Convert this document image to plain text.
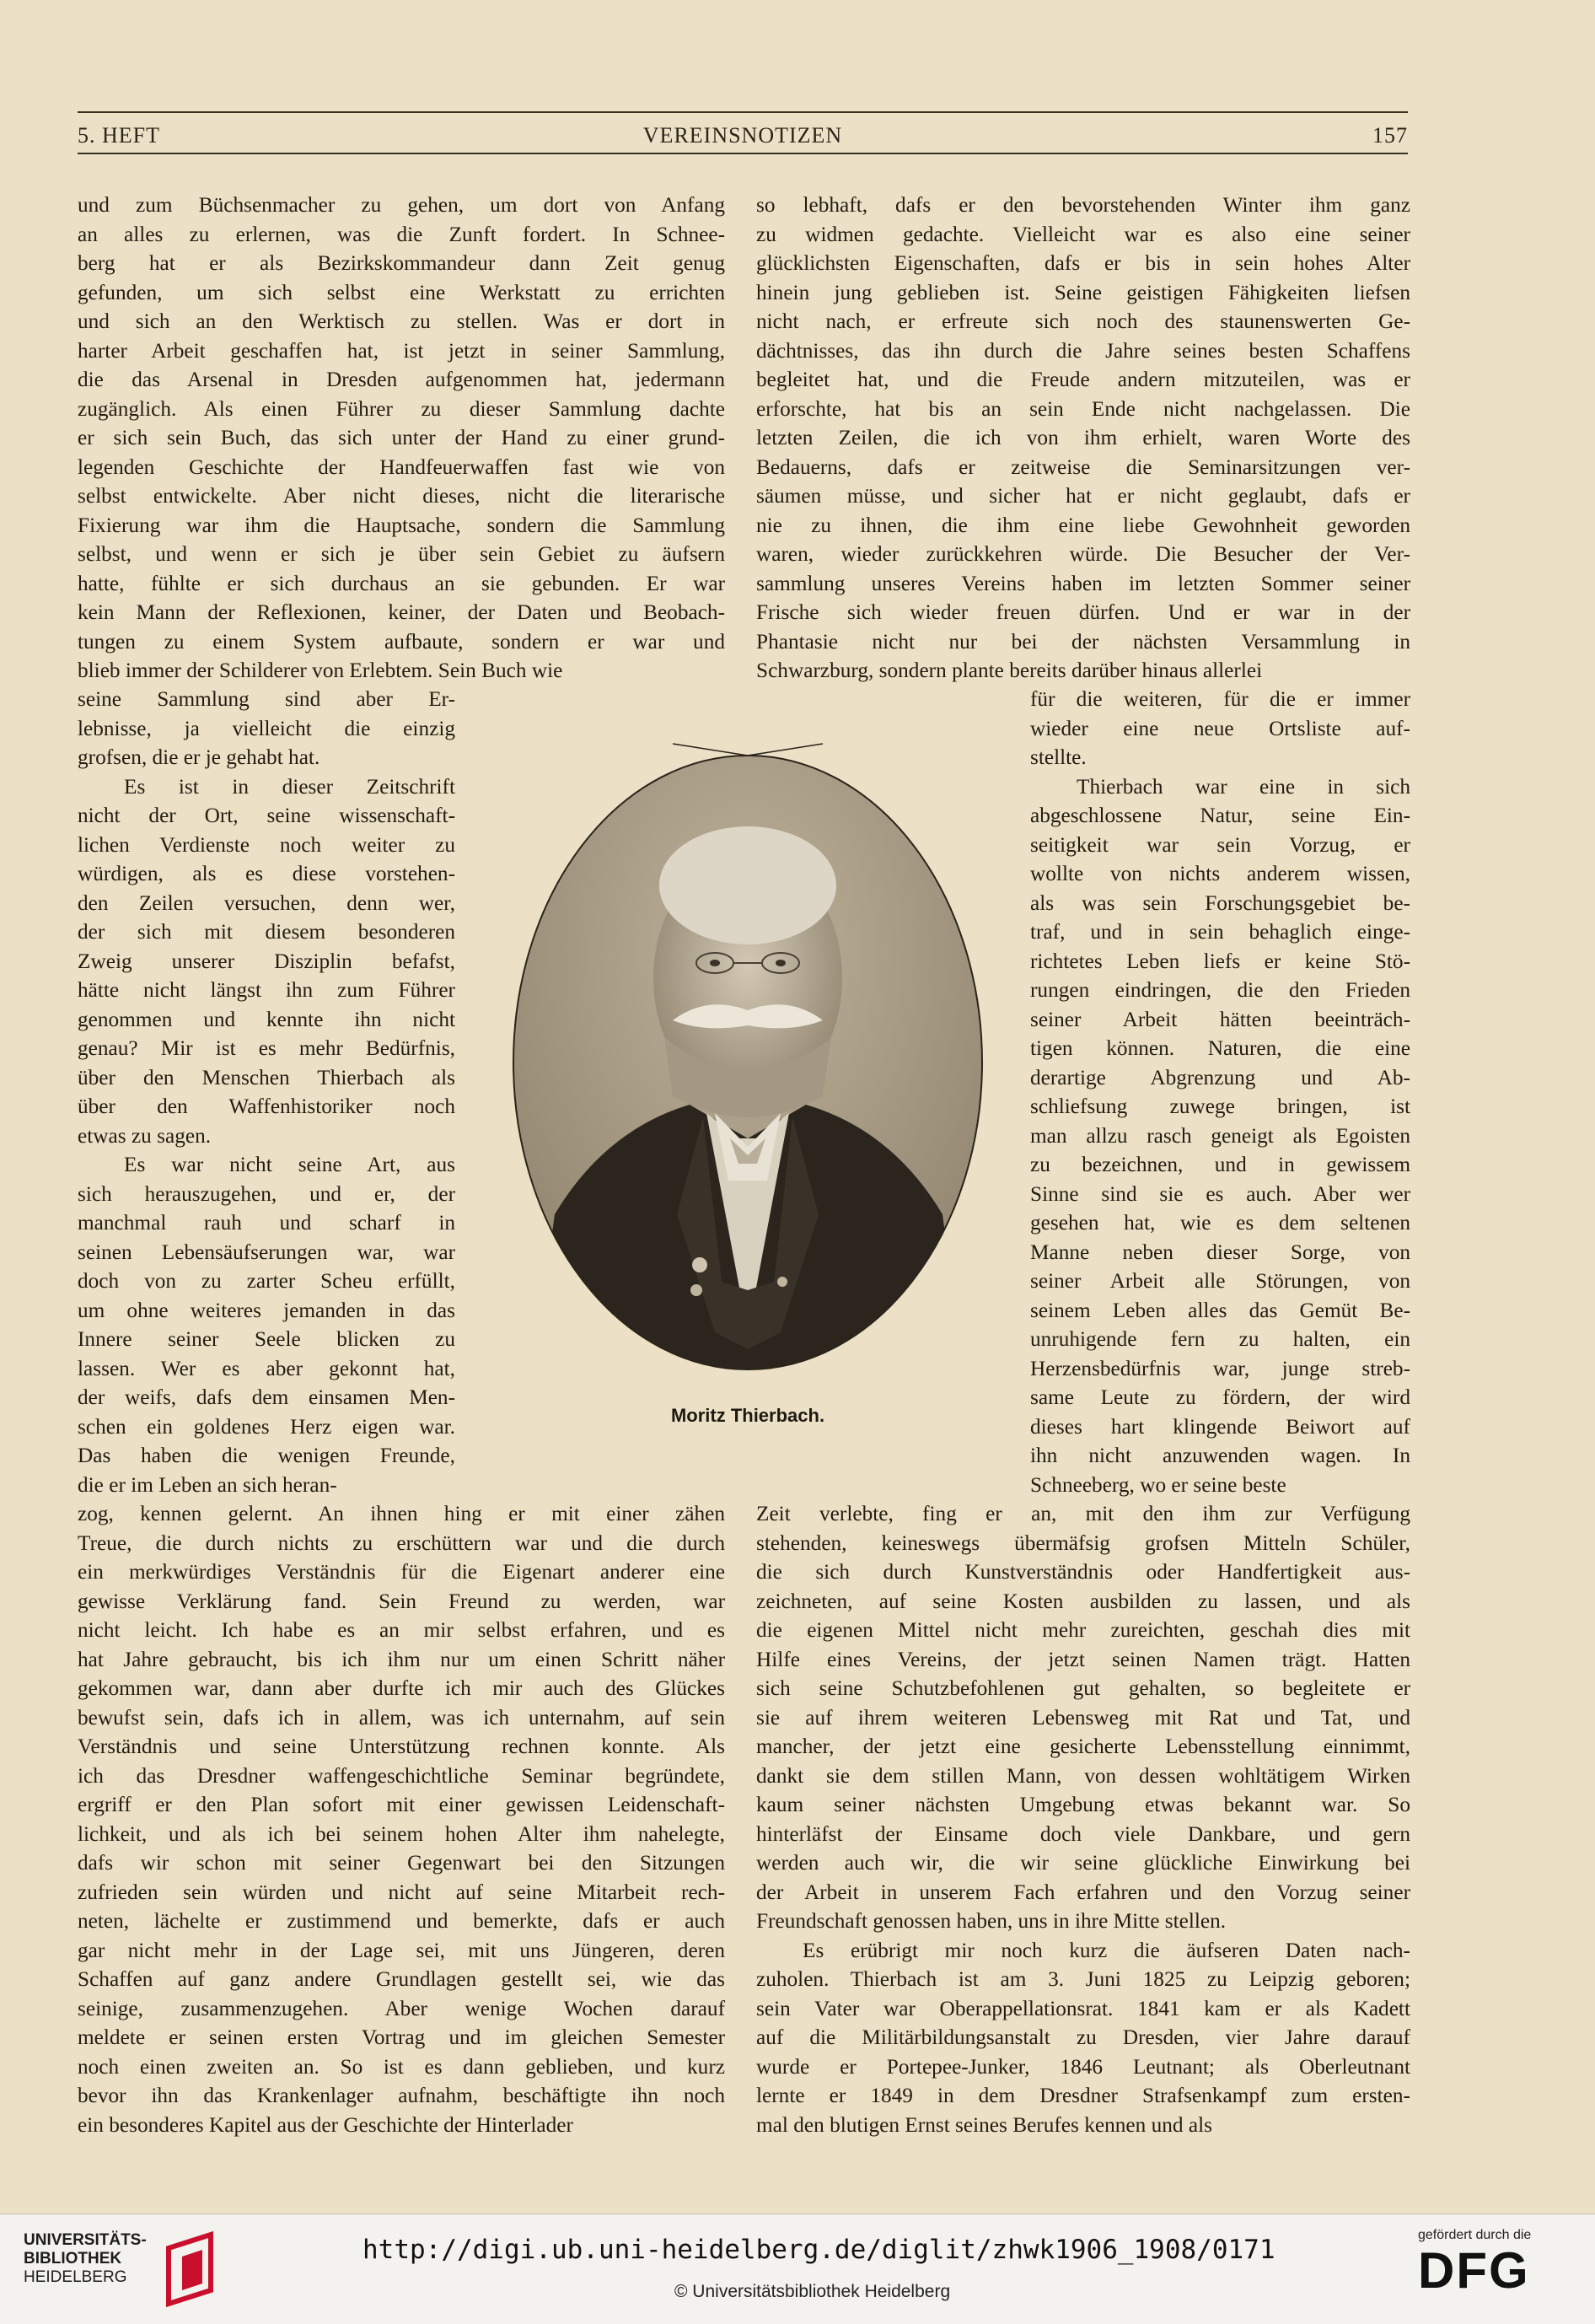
5. HEFT	VEREINSNOTIZEN	157
und zum Büchsenmacher zu gehen, um dort von Anfang
an alles zu erlernen, was die Zunft fordert. In Schnee-
berg hat er als Bezirkskommandeur dann Zeit genug
gefunden, um sich selbst eine Werkstatt zu errichten
und sich an den Werktisch zu stellen. Was er dort in
harter Arbeit geschaffen hat, ist jetzt in seiner Sammlung,
die das Arsenal in Dresden aufgenommen hat, jedermann
zugänglich. Als einen Führer zu dieser Sammlung dachte
er sich sein Buch, das sich unter der Hand zu einer grund-
legenden Geschichte der Handfeuerwaffen fast wie von
selbst entwickelte. Aber nicht dieses, nicht die literarische
Fixierung war ihm die Hauptsache, sondern die Sammlung
selbst, und wenn er sich je über sein Gebiet zu äufsern
hatte, fühlte er sich durchaus an sie gebunden. Er war
kein Mann der Reflexionen, keiner, der Daten und Beobach-
tungen zu einem System aufbaute, sondern er war und
blieb immer der Schilderer von Erlebtem. Sein Buch wie
seine Sammlung sind aber Er-
lebnisse, ja vielleicht die einzig
grofsen, die er je gehabt hat.
Es ist in dieser Zeitschrift
nicht der Ort, seine wissenschaft-
lichen Verdienste noch weiter zu
würdigen, als es diese vorstehen-
den Zeilen versuchen, denn wer,
der sich mit diesem besonderen
Zweig unserer Disziplin befafst,
hätte nicht längst ihn zum Führer
genommen und kennte ihn nicht
genau? Mir ist es mehr Bedürfnis,
über den Menschen Thierbach als
über den Waffenhistoriker noch
etwas zu sagen.
Es war nicht seine Art, aus
sich herauszugehen, und er, der
manchmal rauh und scharf in
seinen Lebensäufserungen war, war
doch von zu zarter Scheu erfüllt,
um ohne weiteres jemanden in das
Innere seiner Seele blicken zu
lassen. Wer es aber gekonnt hat,
der weifs, dafs dem einsamen Men-
schen ein goldenes Herz eigen war.
Das haben die wenigen Freunde,
die er im Leben an sich heran-
zog, kennen gelernt. An ihnen hing er mit einer zähen
Treue, die durch nichts zu erschüttern war und die durch
ein merkwürdiges Verständnis für die Eigenart anderer eine
gewisse Verklärung fand. Sein Freund zu werden, war
nicht leicht. Ich habe es an mir selbst erfahren, und es
hat Jahre gebraucht, bis ich ihm nur um einen Schritt näher
gekommen war, dann aber durfte ich mir auch des Glückes
bewufst sein, dafs ich in allem, was ich unternahm, auf sein
Verständnis und seine Unterstützung rechnen konnte. Als
ich das Dresdner waffengeschichtliche Seminar begründete,
ergriff er den Plan sofort mit einer gewissen Leidenschaft-
lichkeit, und als ich bei seinem hohen Alter ihm nahelegte,
dafs wir schon mit seiner Gegenwart bei den Sitzungen
zufrieden sein würden und nicht auf seine Mitarbeit rech-
neten, lächelte er zustimmend und bemerkte, dafs er auch
gar nicht mehr in der Lage sei, mit uns Jüngeren, deren
Schaffen auf ganz andere Grundlagen gestellt sei, wie das
seinige, zusammenzugehen. Aber wenige Wochen darauf
meldete er seinen ersten Vortrag und im gleichen Semester
noch einen zweiten an. So ist es dann geblieben, und kurz
bevor ihn das Krankenlager aufnahm, beschäftigte ihn noch
ein besonderes Kapitel aus der Geschichte der Hinterlader
so lebhaft, dafs er den bevorstehenden Winter ihm ganz
zu widmen gedachte. Vielleicht war es also eine seiner
glücklichsten Eigenschaften, dafs er bis in sein hohes Alter
hinein jung geblieben ist. Seine geistigen Fähigkeiten liefsen
nicht nach, er erfreute sich noch des staunenswerten Ge-
dächtnisses, das ihn durch die Jahre seines besten Schaffens
begleitet hat, und die Freude andern mitzuteilen, was er
erforschte, hat bis an sein Ende nicht nachgelassen. Die
letzten Zeilen, die ich von ihm erhielt, waren Worte des
Bedauerns, dafs er zeitweise die Seminarsitzungen ver-
säumen müsse, und sicher hat er nicht geglaubt, dafs er
nie zu ihnen, die ihm eine liebe Gewohnheit geworden
waren, wieder zurückkehren würde. Die Besucher der Ver-
sammlung unseres Vereins haben im letzten Sommer seiner
Frische sich wieder freuen dürfen. Und er war in der
Phantasie nicht nur bei der nächsten Versammlung in
Schwarzburg, sondern plante bereits darüber hinaus allerlei
für die weiteren, für die er immer
wieder eine neue Ortsliste auf-
stellte.
Thierbach war eine in sich
abgeschlossene Natur, seine Ein-
seitigkeit war sein Vorzug, er
wollte von nichts anderem wissen,
als was sein Forschungsgebiet be-
traf, und in sein behaglich einge-
richtetes Leben liefs er keine Stö-
rungen eindringen, die den Frieden
seiner Arbeit hätten beeinträch-
tigen können. Naturen, die eine
derartige Abgrenzung und Ab-
schliefsung zuwege bringen, ist
man allzu rasch geneigt als Egoisten
zu bezeichnen, und in gewissem
Sinne sind sie es auch. Aber wer
gesehen hat, wie es dem seltenen
Manne neben dieser Sorge, von
seiner Arbeit alle Störungen, von
seinem Leben alles das Gemüt Be-
unruhigende fern zu halten, ein
Herzensbedürfnis war, junge streb-
same Leute zu fördern, der wird
dieses hart klingende Beiwort auf
ihn nicht anzuwenden wagen. In
Schneeberg, wo er seine beste
Zeit verlebte, fing er an, mit den ihm zur Verfügung
stehenden, keineswegs übermäfsig grofsen Mitteln Schüler,
die sich durch Kunstverständnis oder Handfertigkeit aus-
zeichneten, auf seine Kosten ausbilden zu lassen, und als
die eigenen Mittel nicht mehr zureichten, geschah dies mit
Hilfe eines Vereins, der jetzt seinen Namen trägt. Hatten
sich seine Schutzbefohlenen gut gehalten, so begleitete er
sie auf ihrem weiteren Lebensweg mit Rat und Tat, und
mancher, der jetzt eine gesicherte Lebensstellung einnimmt,
dankt sie dem stillen Mann, von dessen wohltätigem Wirken
kaum seiner nächsten Umgebung etwas bekannt war. So
hinterläfst der Einsame doch viele Dankbare, und gern
werden auch wir, die wir seine glückliche Einwirkung bei
der Arbeit in unserem Fach erfahren und den Vorzug seiner
Freundschaft genossen haben, uns in ihre Mitte stellen.
Es erübrigt mir noch kurz die äufseren Daten nach-
zuholen. Thierbach ist am 3. Juni 1825 zu Leipzig geboren;
sein Vater war Oberappellationsrat. 1841 kam er als Kadett
auf die Militärbildungsanstalt zu Dresden, vier Jahre darauf
wurde er Portepee-Junker, 1846 Leutnant; als Oberleutnant
lernte er 1849 in dem Dresdner Strafsenkampf zum ersten-
mal den blutigen Ernst seines Berufes kennen und als
Moritz Thierbach.
UNIVERSITÄTS-
BIBLIOTHEK
HEIDELBERG
http://digi.ub.uni-heidelberg.de/diglit/zhwk1906_1908/0171
© Universitätsbibliothek Heidelberg
gefördert durch die
DFG
